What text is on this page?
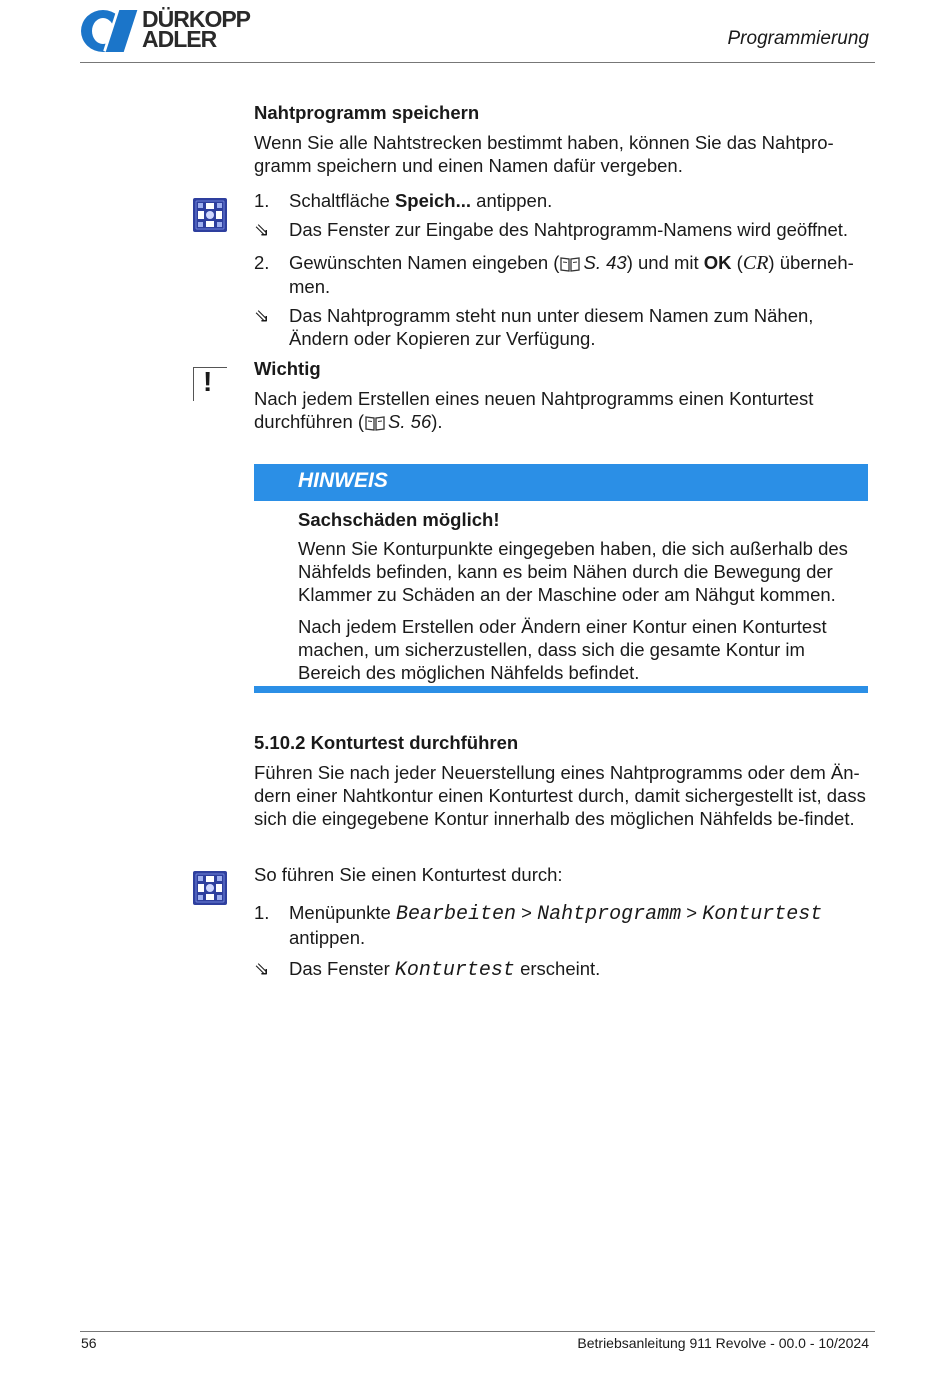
DÜRKOPP
ADLER	Programmierung
Nahtprogramm speichern

Wenn Sie alle Nahtstrecken bestimmt haben, können Sie das Nahtpro-gramm speichern und einen Namen dafür vergeben.

1.	Schaltfläche Speich... antippen.
⇘	Das Fenster zur Eingabe des Nahtprogramm-Namens wird geöffnet.
2.	Gewünschten Namen eingeben ( S. 43) und mit OK (CR) überneh-men.
⇘	Das Nahtprogramm steht nun unter diesem Namen zum Nähen, Ändern oder Kopieren zur Verfügung.
! Wichtig

Nach jedem Erstellen eines neuen Nahtprogramms einen Konturtest durchführen ( S. 56).

HINWEIS
Sachschäden möglich!
Wenn Sie Konturpunkte eingegeben haben, die sich außerhalb des Nähfelds befinden, kann es beim Nähen durch die Bewegung der Klammer zu Schäden an der Maschine oder am Nähgut kommen.
Nach jedem Erstellen oder Ändern einer Kontur einen Konturtest machen, um sicherzustellen, dass sich die gesamte Kontur im Bereich des möglichen Nähfelds befindet.
5.10.2 Konturtest durchführen

Führen Sie nach jeder Neuerstellung eines Nahtprogramms oder dem Än-dern einer Nahtkontur einen Konturtest durch, damit sichergestellt ist, dass sich die eingegebene Kontur innerhalb des möglichen Nähfelds be-findet.

So führen Sie einen Konturtest durch:

1.	Menüpunkte Bearbeiten > Nahtprogramm > Konturtest
antippen.
⇘	Das Fenster Konturtest erscheint.
56	Betriebsanleitung 911 Revolve - 00.0 - 10/2024
